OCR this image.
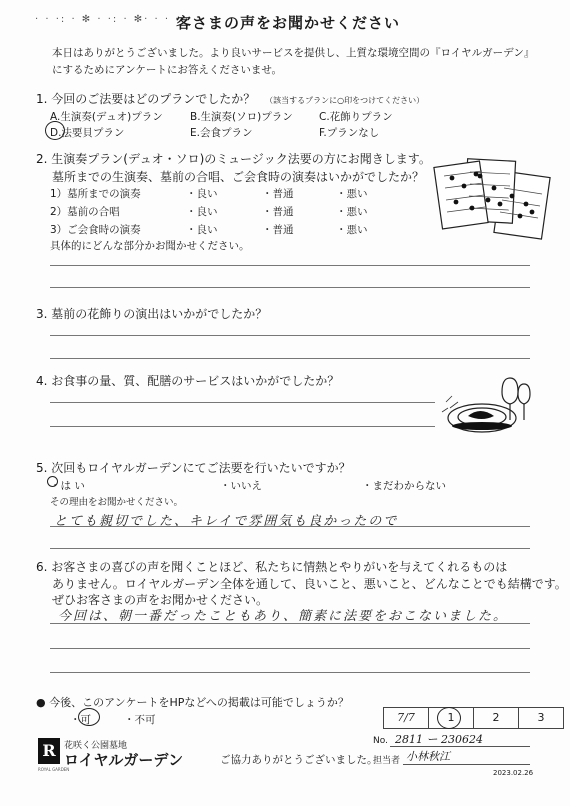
· · ·: · ✻ · ·: · ✻· · · ·
客さまの声をお聞かせください
本日はありがとうございました。より良いサービスを提供し、上質な環境空間の『ロイヤルガーデン』
にするためにアンケートにお答えくださいませ。
1. 今回のご法要はどのプランでしたか？ （該当するプランに○印をつけてください）
A.生演奏(デュオ)プラン	B.生演奏(ソロ)プラン	C.花飾りプラン
D.法要貝プラン	E.会食プラン	F.プランなし
2. 生演奏プラン(デュオ・ソロ)のミュージック法要の方にお聞きします。
墓所までの生演奏、墓前の合唱、ご会食時の演奏はいかがでしたか？
1）墓所までの演奏	・良い	・普通	・悪い
2）墓前の合唱	・良い	・普通	・悪い
3）ご会食時の演奏	・良い	・普通	・悪い
具体的にどんな部分かお聞かせください。
3. 墓前の花飾りの演出はいかがでしたか？
4. お食事の量、質、配膳のサービスはいかがでしたか？
5. 次回もロイヤルガーデンにてご法要を行いたいですか？
・は い	・いいえ	・まだわからない
その理由をお聞かせください。
とても親切でした、キレイで雰囲気も良かったので
6. お客さまの喜びの声を聞くことほど、私たちに情熱とやりがいを与えてくれるものは
ありません。ロイヤルガーデン全体を通して、良いこと、悪いこと、どんなことでも結構です。
ぜひお客さまの声をお聞かせください。
今回は、朝一番だったこともあり、簡素に法要をおこないました。
● 今後、このアンケートをHPなどへの掲載は可能でしょうか？
・可	・不可	7/7	1	2	3
R 花咲く公園墓地
ロイヤルガーデン
ROYAL GARDEN
ご協力ありがとうございました。
No. 2811 ー 230624
担当者 小林秋江
2023.02.26
